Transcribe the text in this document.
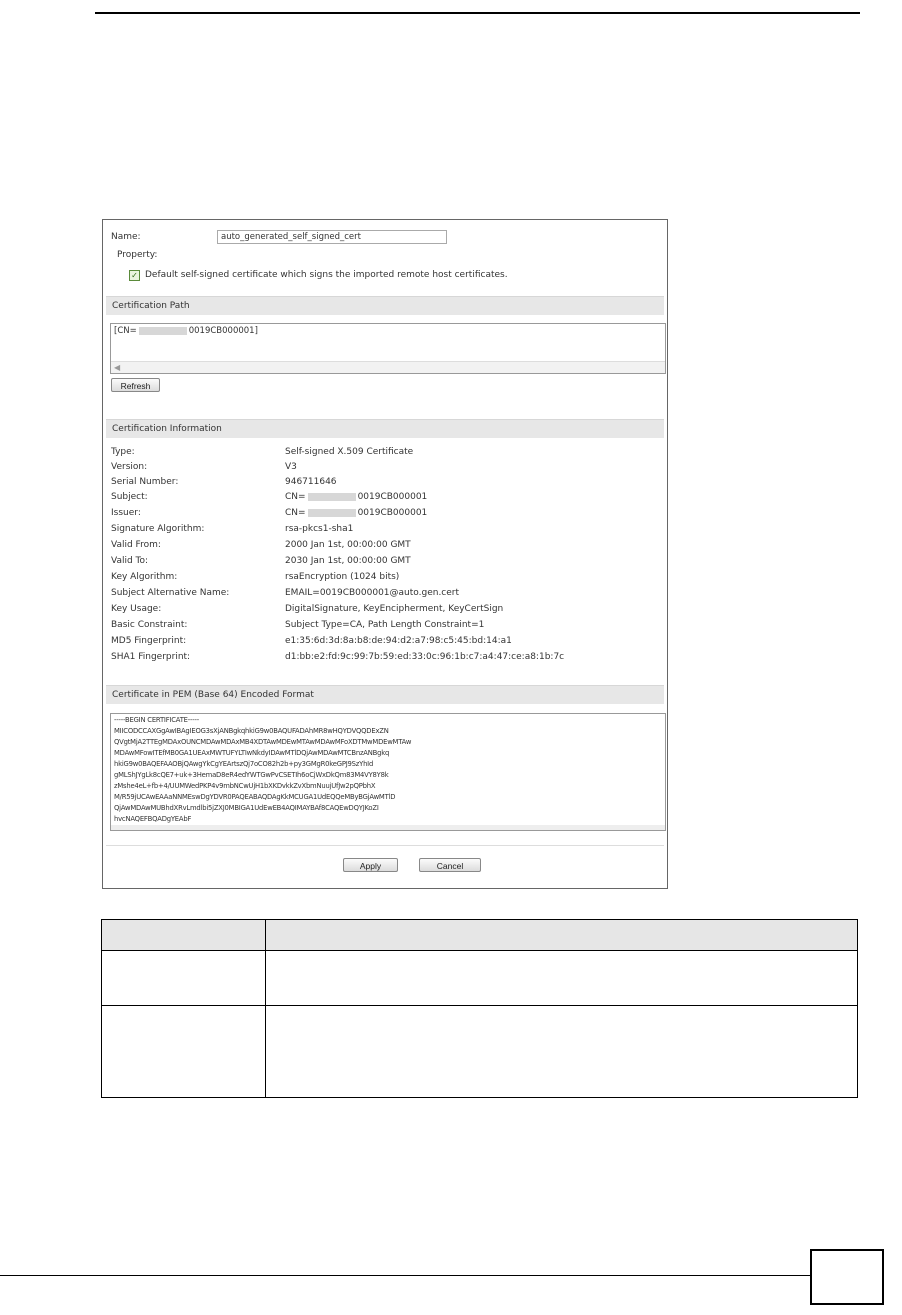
Name:	auto_generated_self_signed_cert
Property:
✓ Default self-signed certificate which signs the imported remote host certificates.
Certification Path
[CN=	0019CB000001]
◀
Refresh
Certification Information
Type:	Self-signed X.509 Certificate
Version:	V3
Serial Number:	946711646
Subject:	CN=	0019CB000001
Issuer:	CN=	0019CB000001
Signature Algorithm:	rsa-pkcs1-sha1
Valid From:	2000 Jan 1st, 00:00:00 GMT
Valid To:	2030 Jan 1st, 00:00:00 GMT
Key Algorithm:	rsaEncryption (1024 bits)
Subject Alternative Name:	EMAIL=0019CB000001@auto.gen.cert
Key Usage:	DigitalSignature, KeyEncipherment, KeyCertSign
Basic Constraint:	Subject Type=CA, Path Length Constraint=1
MD5 Fingerprint:	e1:35:6d:3d:8a:b8:de:94:d2:a7:98:c5:45:bd:14:a1
SHA1 Fingerprint:	d1:bb:e2:fd:9c:99:7b:59:ed:33:0c:96:1b:c7:a4:47:ce:a8:1b:7c
Certificate in PEM (Base 64) Encoded Format
-----BEGIN CERTIFICATE-----
MIICODCCAXGgAwIBAgIEOG3sXjANBgkqhkiG9w0BAQUFADAhMR8wHQYDVQQDExZN
QVgtMjA2TTEgMDAxOUNCMDAwMDAxMB4XDTAwMDEwMTAwMDAwMFoXDTMwMDEwMTAw
MDAwMFowITEfMB0GA1UEAxMWTUFYLTIwNkdyIDAwMTlDQjAwMDAwMTCBnzANBgkq
hkiG9w0BAQEFAAOBjQAwgYkCgYEArtszQj7oCO82h2b+py3GMgR0keGPJ9SzYhId
gMLShJYgLk8cQE7+uk+3HemaD8eR4edYWTGwPvCSETIh6oCjWxDkQm83M4VY8Y8k
zMshe4eL+fb+4/UUMWedPKP4v9mbNCwUjH1bXKDvkkZvXbmNuujUfJw2pQPbhX
M/R59jUCAwEAAaNNMEswDgYDVR0PAQEABAQDAgKkMCUGA1UdEQQeMByBGjAwMTlD
QjAwMDAwMUBhdXRvLmdlbi5jZXJ0MBIGA1UdEwEB4AQIMAYBAf8CAQEwDQYJKoZI
hvcNAQEFBQADgYEAbF
Apply	Cancel
